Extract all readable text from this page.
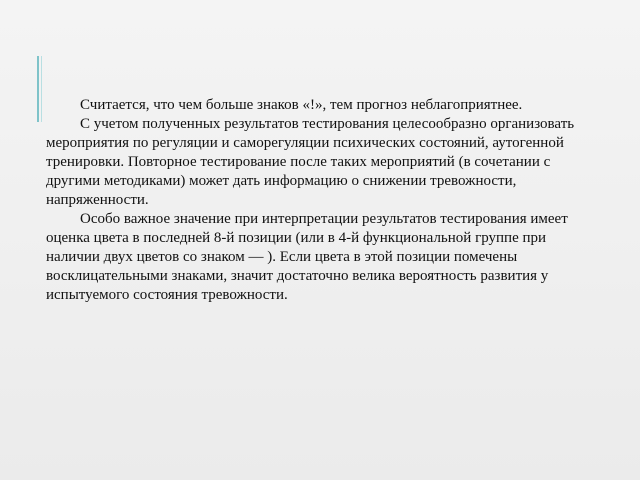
Считается, что чем больше знаков «!», тем прогноз неблагоприятнее.

С учетом полученных результатов тестирования целесообразно организовать мероприятия по регуляции и саморегуляции психических состояний, аутогенной тренировки. Повторное тестирование после таких мероприятий (в сочетании с другими методиками) может дать информацию о снижении тревожности, напряженности.

Особо важное значение при интерпретации результатов тестирования имеет оценка цвета в последней 8-й позиции (или в 4-й функциональной группе при наличии двух цветов со знаком — ). Если цвета в этой позиции помечены восклицательными знаками, значит достаточно велика вероятность развития у испытуемого состояния тревожности.
